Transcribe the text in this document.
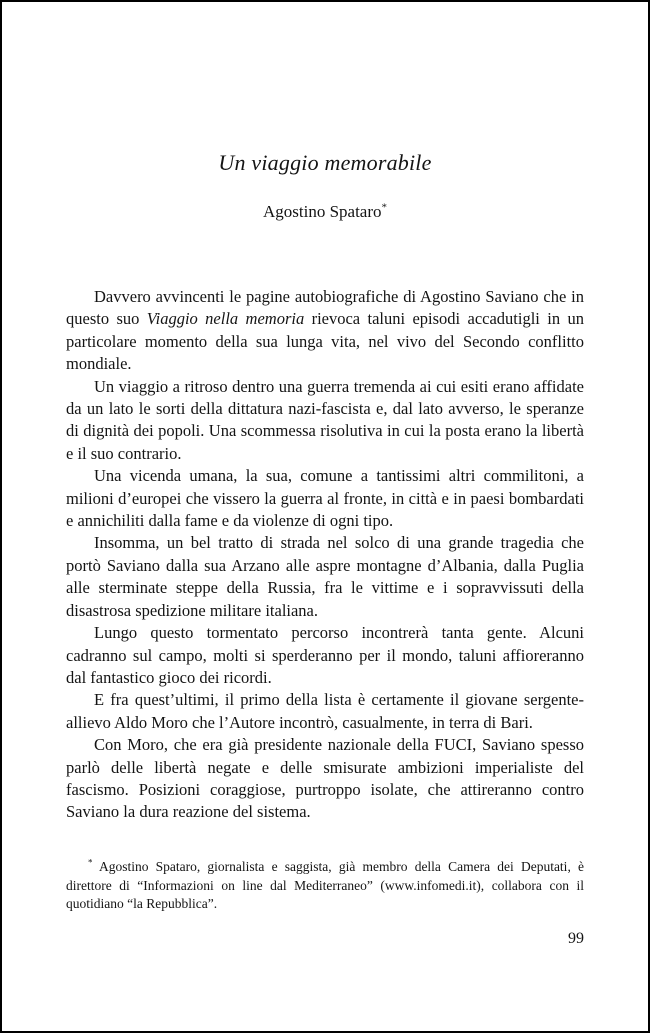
Un viaggio memorabile
Agostino Spataro*

Davvero avvincenti le pagine autobiografiche di Agostino Saviano che in questo suo Viaggio nella memoria rievoca taluni episodi accadutigli in un particolare momento della sua lunga vita, nel vivo del Secondo conflitto mondiale.

Un viaggio a ritroso dentro una guerra tremenda ai cui esiti erano affidate da un lato le sorti della dittatura nazi-fascista e, dal lato avverso, le speranze di dignità dei popoli. Una scommessa risolutiva in cui la posta erano la libertà e il suo contrario.

Una vicenda umana, la sua, comune a tantissimi altri commilitoni, a milioni d’europei che vissero la guerra al fronte, in città e in paesi bombardati e annichiliti dalla fame e da violenze di ogni tipo.

Insomma, un bel tratto di strada nel solco di una grande tragedia che portò Saviano dalla sua Arzano alle aspre montagne d’Albania, dalla Puglia alle sterminate steppe della Russia, fra le vittime e i sopravvissuti della disastrosa spedizione militare italiana.

Lungo questo tormentato percorso incontrerà tanta gente. Alcuni cadranno sul campo, molti si sperderanno per il mondo, taluni affioreranno dal fantastico gioco dei ricordi.

E fra quest’ultimi, il primo della lista è certamente il giovane sergente-allievo Aldo Moro che l’Autore incontrò, casualmente, in terra di Bari.

Con Moro, che era già presidente nazionale della FUCI, Saviano spesso parlò delle libertà negate e delle smisurate ambizioni imperialiste del fascismo. Posizioni coraggiose, purtroppo isolate, che attireranno contro Saviano la dura reazione del sistema.

* Agostino Spataro, giornalista e saggista, già membro della Camera dei Deputati, è direttore di “Informazioni on line dal Mediterraneo” (www.infomedi.it), collabora con il quotidiano “la Repubblica”.

99
